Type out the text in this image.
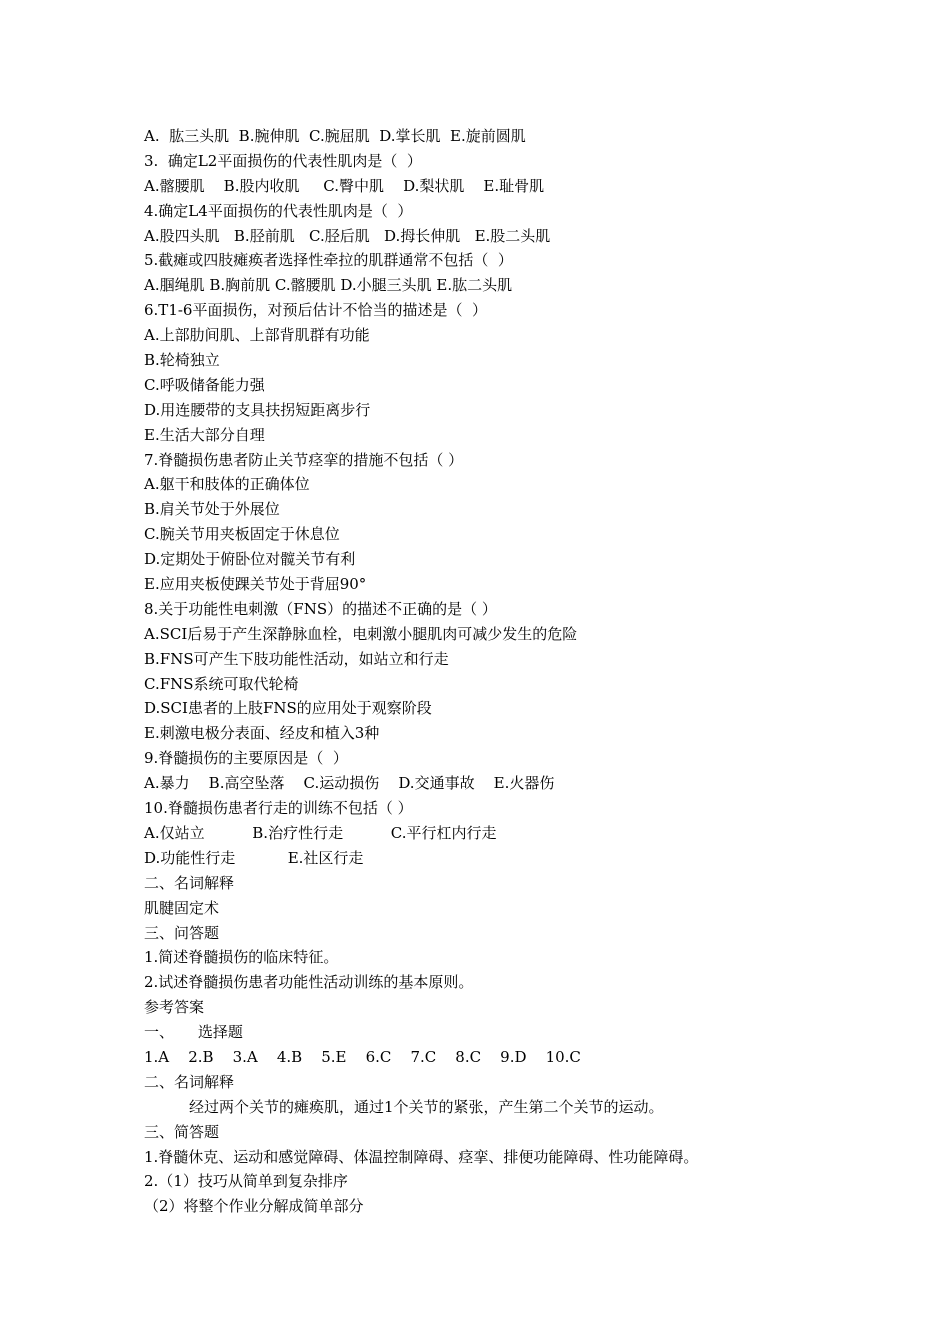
A.  肱三头肌  B.腕伸肌  C.腕屈肌  D.掌长肌  E.旋前圆肌
3.  确定L2平面损伤的代表性肌肉是（  ）
A.髂腰肌    B.股内收肌     C.臀中肌    D.梨状肌    E.耻骨肌
4.确定L4平面损伤的代表性肌肉是（  ）
A.股四头肌   B.胫前肌   C.胫后肌   D.拇长伸肌   E.股二头肌
5.截瘫或四肢瘫痪者选择性牵拉的肌群通常不包括（  ）
A.腘绳肌 B.胸前肌 C.髂腰肌 D.小腿三头肌 E.肱二头肌
6.T1-6平面损伤，对预后估计不恰当的描述是（  ）
A.上部肋间肌、上部背肌群有功能
B.轮椅独立
C.呼吸储备能力强
D.用连腰带的支具扶拐短距离步行
E.生活大部分自理
7.脊髓损伤患者防止关节痉挛的措施不包括（ ）
A.躯干和肢体的正确体位
B.肩关节处于外展位
C.腕关节用夹板固定于休息位
D.定期处于俯卧位对髋关节有利
E.应用夹板使踝关节处于背屈90°
8.关于功能性电刺激（FNS）的描述不正确的是（ ）
A.SCI后易于产生深静脉血栓，电刺激小腿肌肉可减少发生的危险
B.FNS可产生下肢功能性活动，如站立和行走
C.FNS系统可取代轮椅
D.SCI患者的上肢FNS的应用处于观察阶段
E.刺激电极分表面、经皮和植入3种
9.脊髓损伤的主要原因是（  ）
A.暴力    B.高空坠落    C.运动损伤    D.交通事故    E.火器伤
10.脊髓损伤患者行走的训练不包括（ ）
A.仅站立          B.治疗性行走          C.平行杠内行走
D.功能性行走           E.社区行走
二、名词解释
肌腱固定术
三、问答题
1.简述脊髓损伤的临床特征。
2.试述脊髓损伤患者功能性活动训练的基本原则。
参考答案
一、     选择题
1.A    2.B    3.A    4.B    5.E    6.C    7.C    8.C    9.D    10.C
二、名词解释
经过两个关节的瘫痪肌，通过1个关节的紧张，产生第二个关节的运动。
三、简答题
1.脊髓休克、运动和感觉障碍、体温控制障碍、痉挛、排便功能障碍、性功能障碍。
2.（1）技巧从简单到复杂排序
（2）将整个作业分解成简单部分
